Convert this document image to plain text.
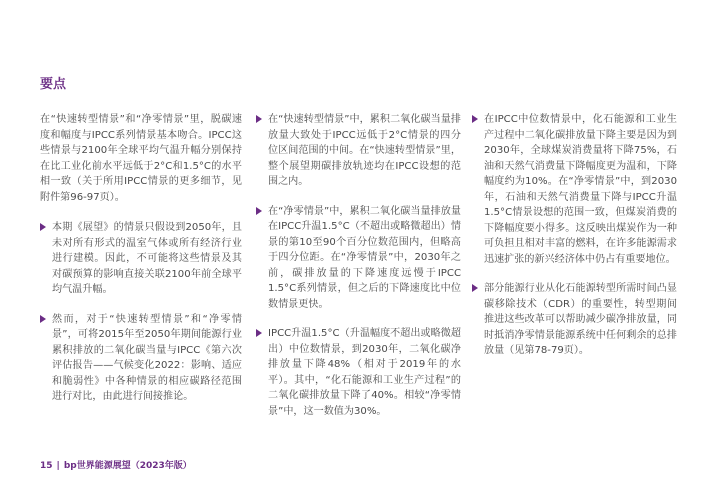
要点

在“快速转型情景”和“净零情景”里，脱碳速度和幅度与IPCC系列情景基本吻合。IPCC这些情景与2100年全球平均气温升幅分别保持在比工业化前水平远低于2°C和1.5°C的水平相一致（关于所用IPCC情景的更多细节，见附件第96-97页）。

本期《展望》的情景只假设到2050年，且未对所有形式的温室气体或所有经济行业进行建模。因此，不可能将这些情景及其对碳预算的影响直接关联2100年前全球平均气温升幅。
然而，对于“快速转型情景”和“净零情景”，可将2015年至2050年期间能源行业累积排放的二氧化碳当量与IPCC《第六次评估报告——气候变化2022：影响、适应和脆弱性》中各种情景的相应碳路径范围进行对比，由此进行间接推论。
在“快速转型情景”中，累积二氧化碳当量排放量大致处于IPCC远低于2°C情景的四分位区间范围的中间。在“快速转型情景”里，整个展望期碳排放轨迹均在IPCC设想的范围之内。
在“净零情景”中，累积二氧化碳当量排放量在IPCC升温1.5°C（不超出或略微超出）情景的第10至90个百分位数范围内，但略高于四分位距。在“净零情景”中，2030年之前，碳排放量的下降速度远慢于IPCC 1.5°C系列情景，但之后的下降速度比中位数情景更快。
IPCC升温1.5°C（升温幅度不超出或略微超出）中位数情景，到2030年，二氧化碳净排放量下降48%（相对于2019年的水平）。其中，“化石能源和工业生产过程”的二氧化碳排放量下降了40%。相较“净零情景”中，这一数值为30%。
在IPCC中位数情景中，化石能源和工业生产过程中二氧化碳排放量下降主要是因为到2030年，全球煤炭消费量将下降75%，石油和天然气消费量下降幅度更为温和，下降幅度约为10%。在“净零情景”中，到2030年，石油和天然气消费量下降与IPCC升温1.5°C情景设想的范围一致，但煤炭消费的下降幅度要小得多。这反映出煤炭作为一种可负担且相对丰富的燃料，在许多能源需求迅速扩张的新兴经济体中仍占有重要地位。
部分能源行业从化石能源转型所需时间凸显碳移除技术（CDR）的重要性，转型期间推进这些改革可以帮助减少碳净排放量，同时抵消净零情景能源系统中任何剩余的总排放量（见第78-79页）。
15 | bp世界能源展望（2023年版）
